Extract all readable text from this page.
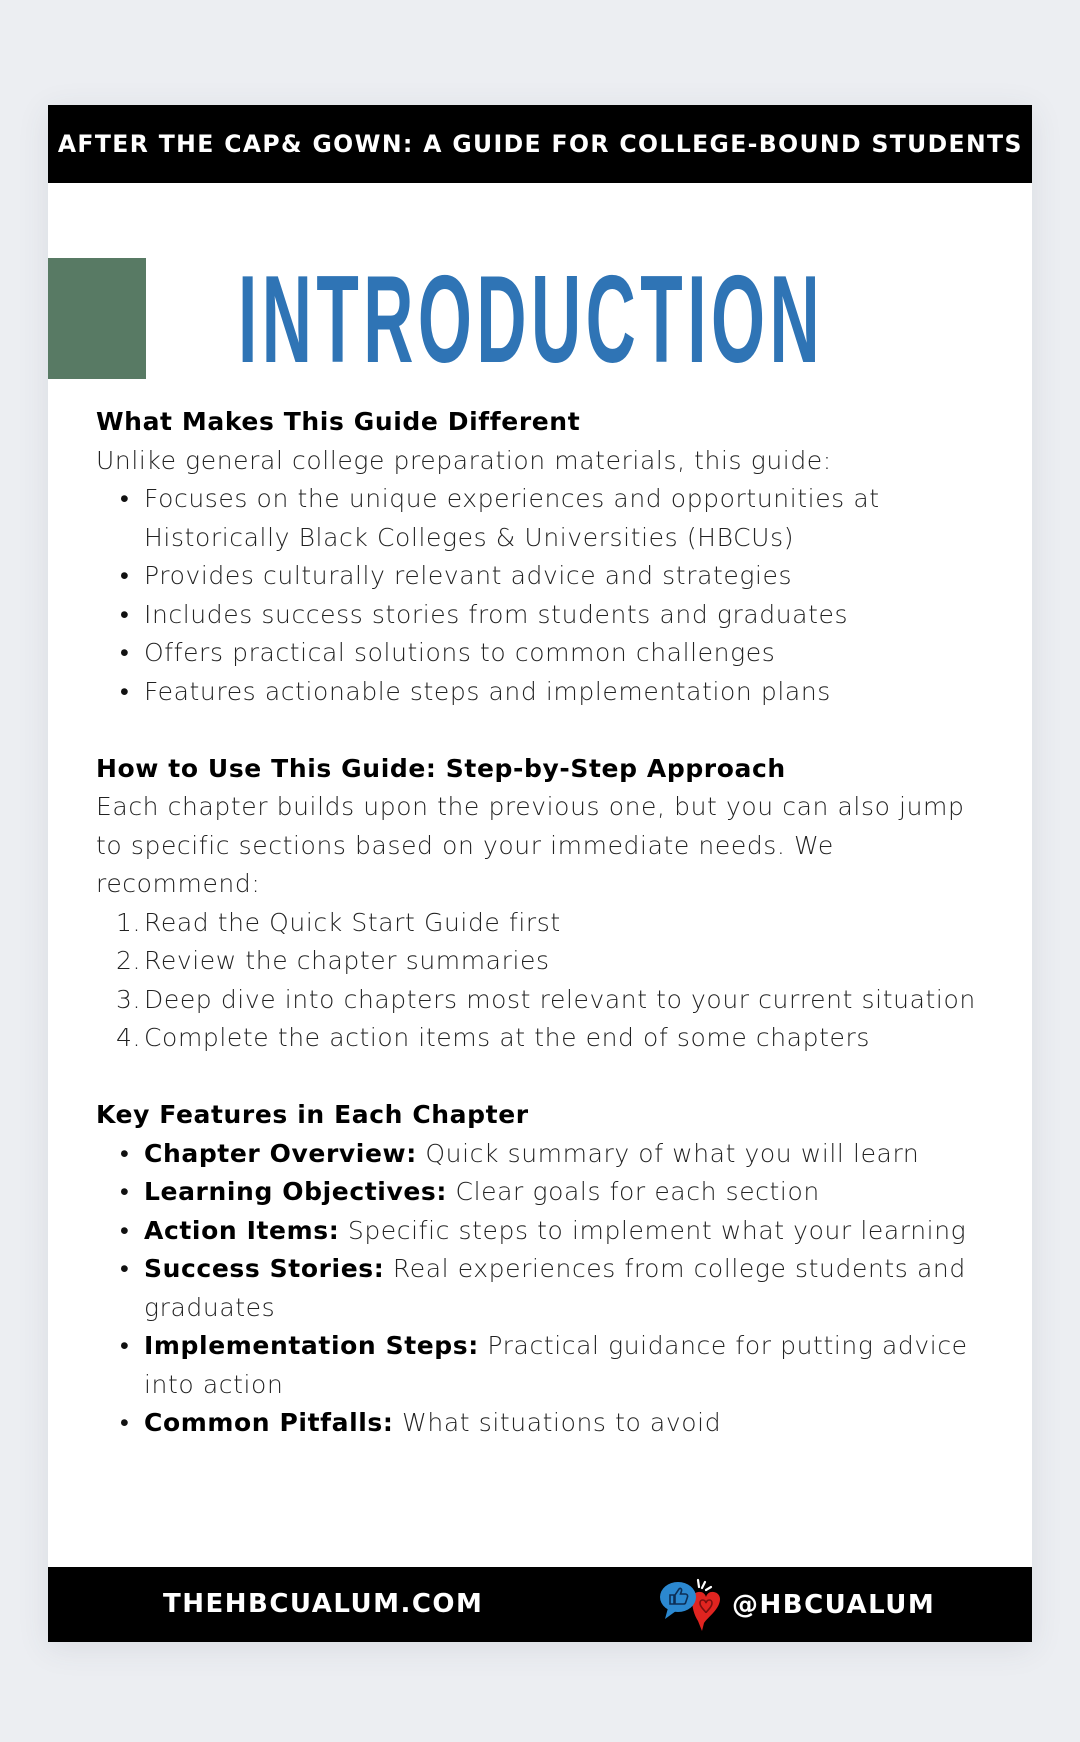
AFTER THE CAP& GOWN: A GUIDE FOR COLLEGE-BOUND STUDENTS
INTRODUCTION
What Makes This Guide Different
Unlike general college preparation materials, this guide:
• Focuses on the unique experiences and opportunities at Historically Black Colleges & Universities (HBCUs)
• Provides culturally relevant advice and strategies
• Includes success stories from students and graduates
• Offers practical solutions to common challenges
• Features actionable steps and implementation plans
How to Use This Guide: Step-by-Step Approach
Each chapter builds upon the previous one, but you can also jump to specific sections based on your immediate needs. We recommend:
1. Read the Quick Start Guide first
2. Review the chapter summaries
3. Deep dive into chapters most relevant to your current situation
4. Complete the action items at the end of some chapters
Key Features in Each Chapter
• Chapter Overview: Quick summary of what you will learn
• Learning Objectives: Clear goals for each section
• Action Items: Specific steps to implement what your learning
• Success Stories: Real experiences from college students and graduates
• Implementation Steps: Practical guidance for putting advice into action
• Common Pitfalls: What situations to avoid
THEHBCUALUM.COM	@HBCUALUM
